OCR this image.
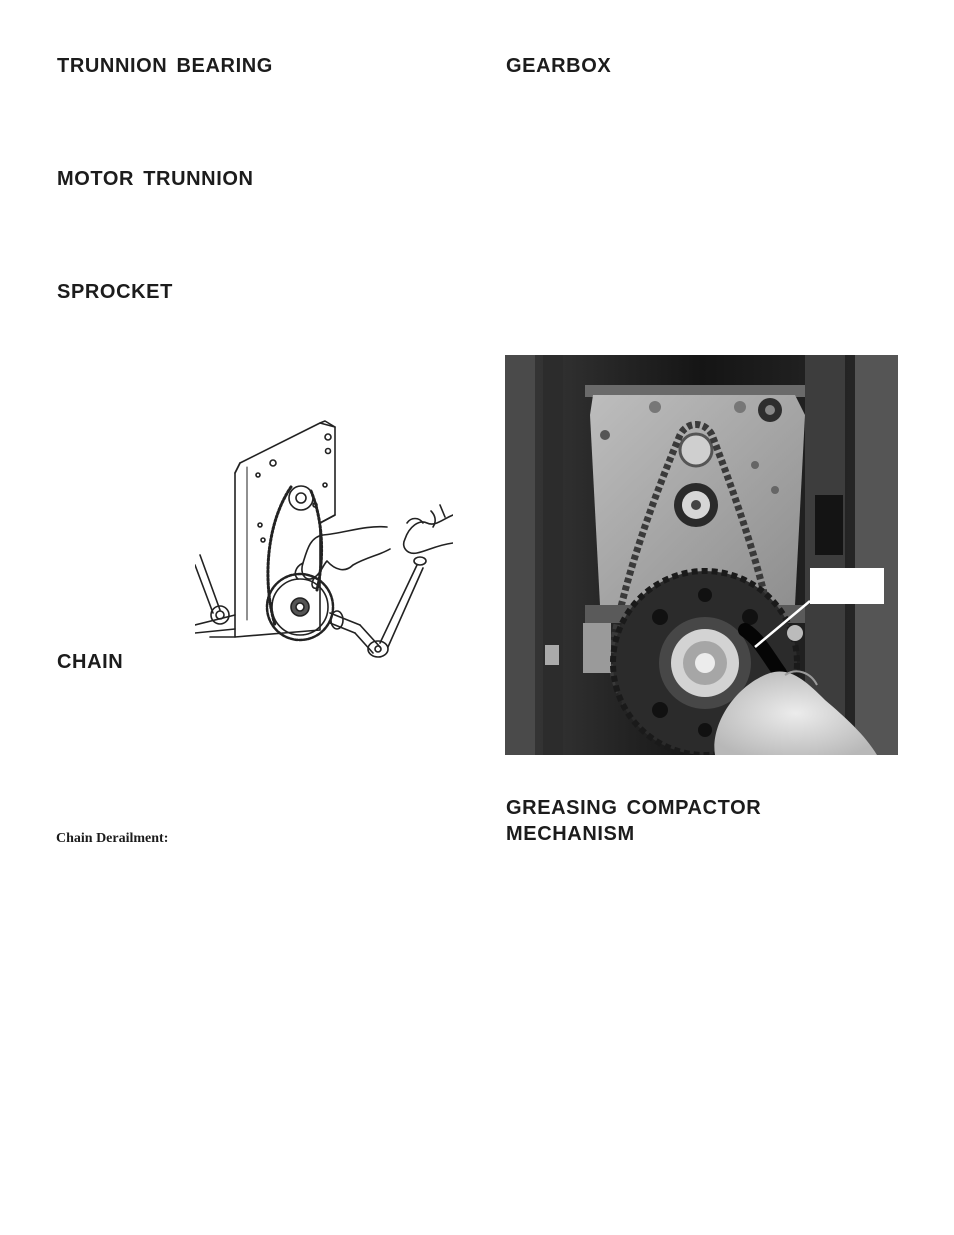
TRUNNION BEARING
MOTOR TRUNNION
SPROCKET
CHAIN
Chain Derailment:
GEARBOX
GREASING COMPACTOR
MECHANISM
